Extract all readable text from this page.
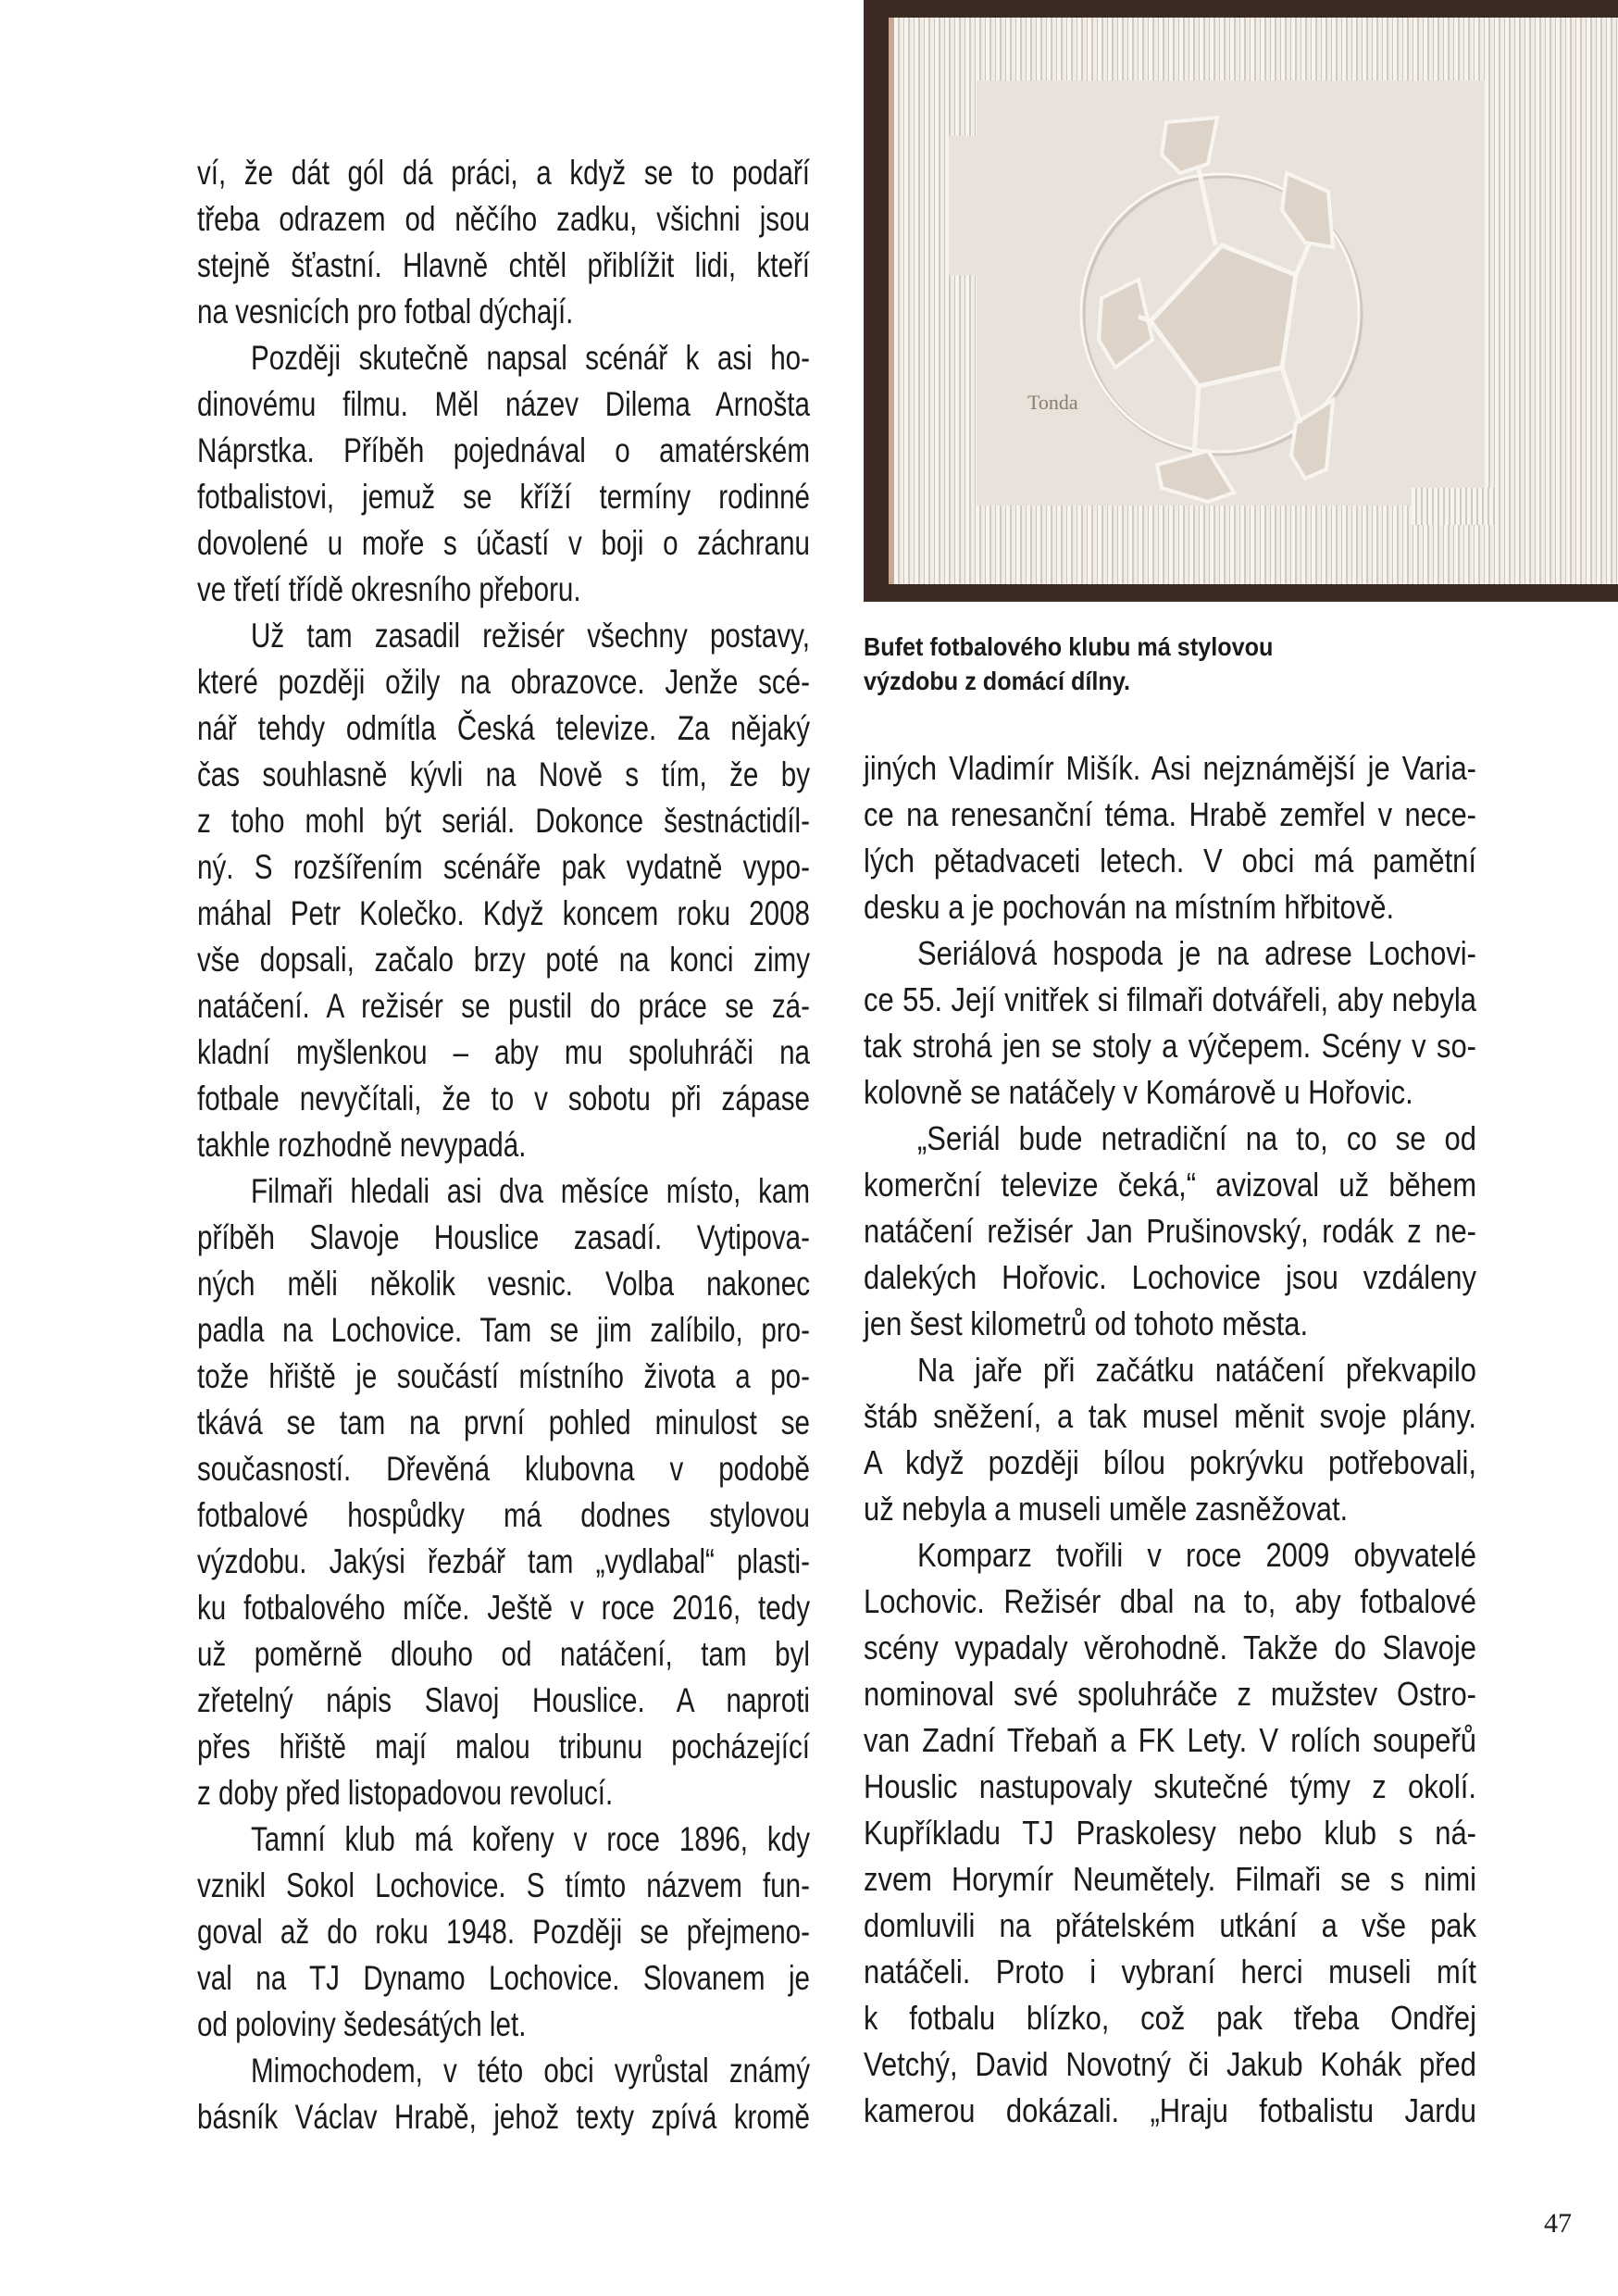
Tonda
Bufet fotbalového klubu má stylovou
výzdobu z domácí dílny.
ví, že dát gól dá práci, a když se to podaří
třeba odrazem od něčího zadku, všichni jsou
stejně šťastní. Hlavně chtěl přiblížit lidi, kteří
na vesnicích pro fotbal dýchají.
Později skutečně napsal scénář k asi ho-
dinovému filmu. Měl název Dilema Arnošta
Náprstka. Příběh pojednával o amatérském
fotbalistovi, jemuž se kříží termíny rodinné
dovolené u moře s účastí v boji o záchranu
ve třetí třídě okresního přeboru.
Už tam zasadil režisér všechny postavy,
které později ožily na obrazovce. Jenže scé-
nář tehdy odmítla Česká televize. Za nějaký
čas souhlasně kývli na Nově s tím, že by
z toho mohl být seriál. Dokonce šestnáctidíl-
ný. S rozšířením scénáře pak vydatně vypo-
máhal Petr Kolečko. Když koncem roku 2008
vše dopsali, začalo brzy poté na konci zimy
natáčení. A režisér se pustil do práce se zá-
kladní myšlenkou – aby mu spoluhráči na
fotbale nevyčítali, že to v sobotu při zápase
takhle rozhodně nevypadá.
Filmaři hledali asi dva měsíce místo, kam
příběh Slavoje Houslice zasadí. Vytipova-
ných měli několik vesnic. Volba nakonec
padla na Lochovice. Tam se jim zalíbilo, pro-
tože hřiště je součástí místního života a po-
tkává se tam na první pohled minulost se
současností. Dřevěná klubovna v podobě
fotbalové hospůdky má dodnes stylovou
výzdobu. Jakýsi řezbář tam „vydlabal“ plasti-
ku fotbalového míče. Ještě v roce 2016, tedy
už poměrně dlouho od natáčení, tam byl
zřetelný nápis Slavoj Houslice. A naproti
přes hřiště mají malou tribunu pocházející
z doby před listopadovou revolucí.
Tamní klub má kořeny v roce 1896, kdy
vznikl Sokol Lochovice. S tímto názvem fun-
goval až do roku 1948. Později se přejmeno-
val na TJ Dynamo Lochovice. Slovanem je
od poloviny šedesátých let.
Mimochodem, v této obci vyrůstal známý
básník Václav Hrabě, jehož texty zpívá kromě
jiných Vladimír Mišík. Asi nejznámější je Varia-
ce na renesanční téma. Hrabě zemřel v nece-
lých pětadvaceti letech. V obci má pamětní
desku a je pochován na místním hřbitově.
Seriálová hospoda je na adrese Lochovi-
ce 55. Její vnitřek si filmaři dotvářeli, aby nebyla
tak strohá jen se stoly a výčepem. Scény v so-
kolovně se natáčely v Komárově u Hořovic.
„Seriál bude netradiční na to, co se od
komerční televize čeká,“ avizoval už během
natáčení režisér Jan Prušinovský, rodák z ne-
dalekých Hořovic. Lochovice jsou vzdáleny
jen šest kilometrů od tohoto města.
Na jaře při začátku natáčení překvapilo
štáb sněžení, a tak musel měnit svoje plány.
A když později bílou pokrývku potřebovali,
už nebyla a museli uměle zasněžovat.
Komparz tvořili v roce 2009 obyvatelé
Lochovic. Režisér dbal na to, aby fotbalové
scény vypadaly věrohodně. Takže do Slavoje
nominoval své spoluhráče z mužstev Ostro-
van Zadní Třebaň a FK Lety. V rolích soupeřů
Houslic nastupovaly skutečné týmy z okolí.
Kupříkladu TJ Praskolesy nebo klub s ná-
zvem Horymír Neumětely. Filmaři se s nimi
domluvili na přátelském utkání a vše pak
natáčeli. Proto i vybraní herci museli mít
k fotbalu blízko, což pak třeba Ondřej
Vetchý, David Novotný či Jakub Kohák před
kamerou dokázali. „Hraju fotbalistu Jardu
47
